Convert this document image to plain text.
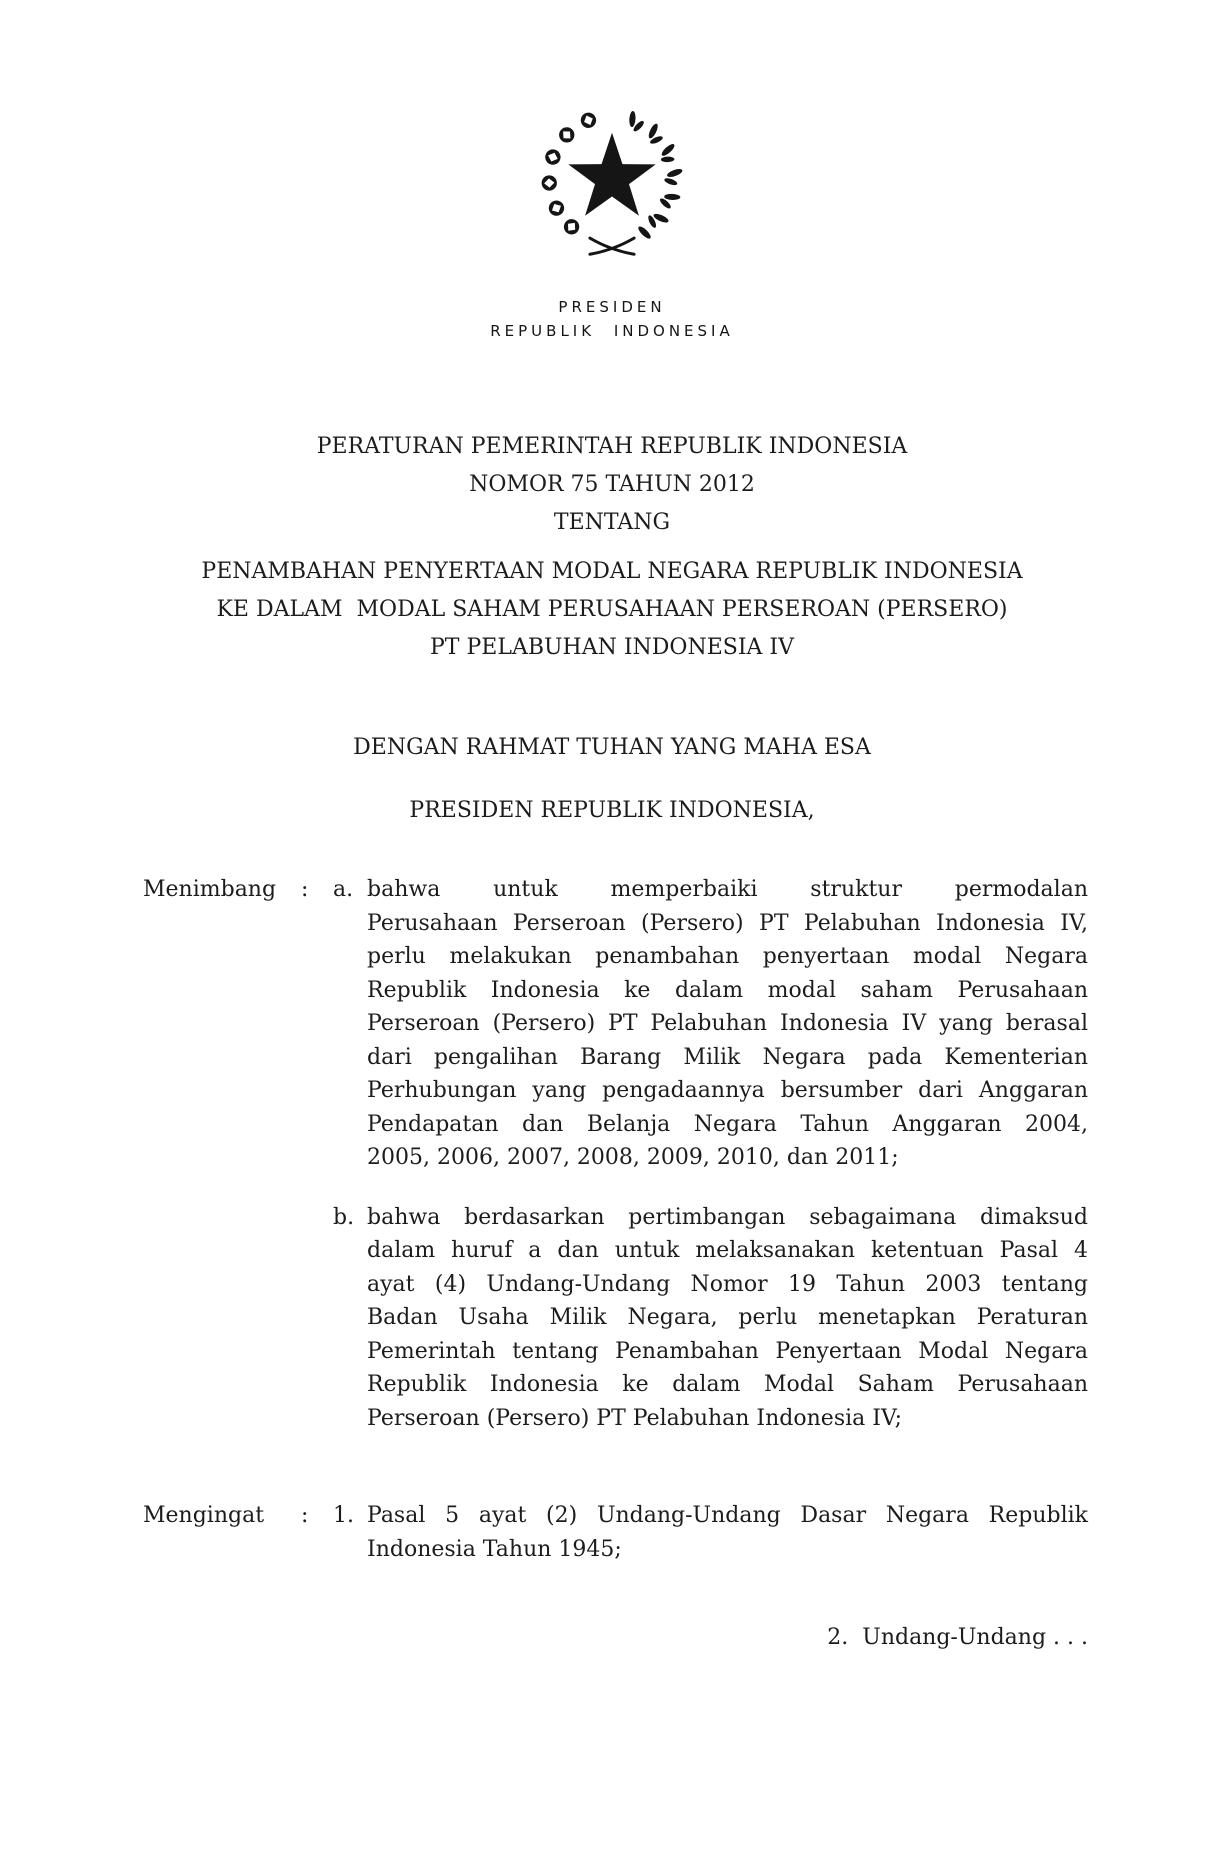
PRESIDEN
REPUBLIK INDONESIA
PERATURAN PEMERINTAH REPUBLIK INDONESIA
NOMOR 75 TAHUN 2012
TENTANG
PENAMBAHAN PENYERTAAN MODAL NEGARA REPUBLIK INDONESIA
KE DALAM  MODAL SAHAM PERUSAHAAN PERSEROAN (PERSERO)
PT PELABUHAN INDONESIA IV
DENGAN RAHMAT TUHAN YANG MAHA ESA
PRESIDEN REPUBLIK INDONESIA,
Menimbang	:	a. bahwa untuk memperbaiki struktur permodalan
Perusahaan Perseroan (Persero) PT Pelabuhan Indonesia IV,
perlu melakukan penambahan penyertaan modal Negara
Republik Indonesia ke dalam modal saham Perusahaan
Perseroan (Persero) PT Pelabuhan Indonesia IV yang berasal
dari pengalihan Barang Milik Negara pada Kementerian
Perhubungan yang pengadaannya bersumber dari Anggaran
Pendapatan dan Belanja Negara Tahun Anggaran 2004,
2005, 2006, 2007, 2008, 2009, 2010, dan 2011;
b. bahwa berdasarkan pertimbangan sebagaimana dimaksud
dalam huruf a dan untuk melaksanakan ketentuan Pasal 4
ayat (4) Undang-Undang Nomor 19 Tahun 2003 tentang
Badan Usaha Milik Negara, perlu menetapkan Peraturan
Pemerintah tentang Penambahan Penyertaan Modal Negara
Republik Indonesia ke dalam Modal Saham Perusahaan
Perseroan (Persero) PT Pelabuhan Indonesia IV;
Mengingat	:	1. Pasal 5 ayat (2) Undang-Undang Dasar Negara Republik
Indonesia Tahun 1945;
2.  Undang-Undang . . .
